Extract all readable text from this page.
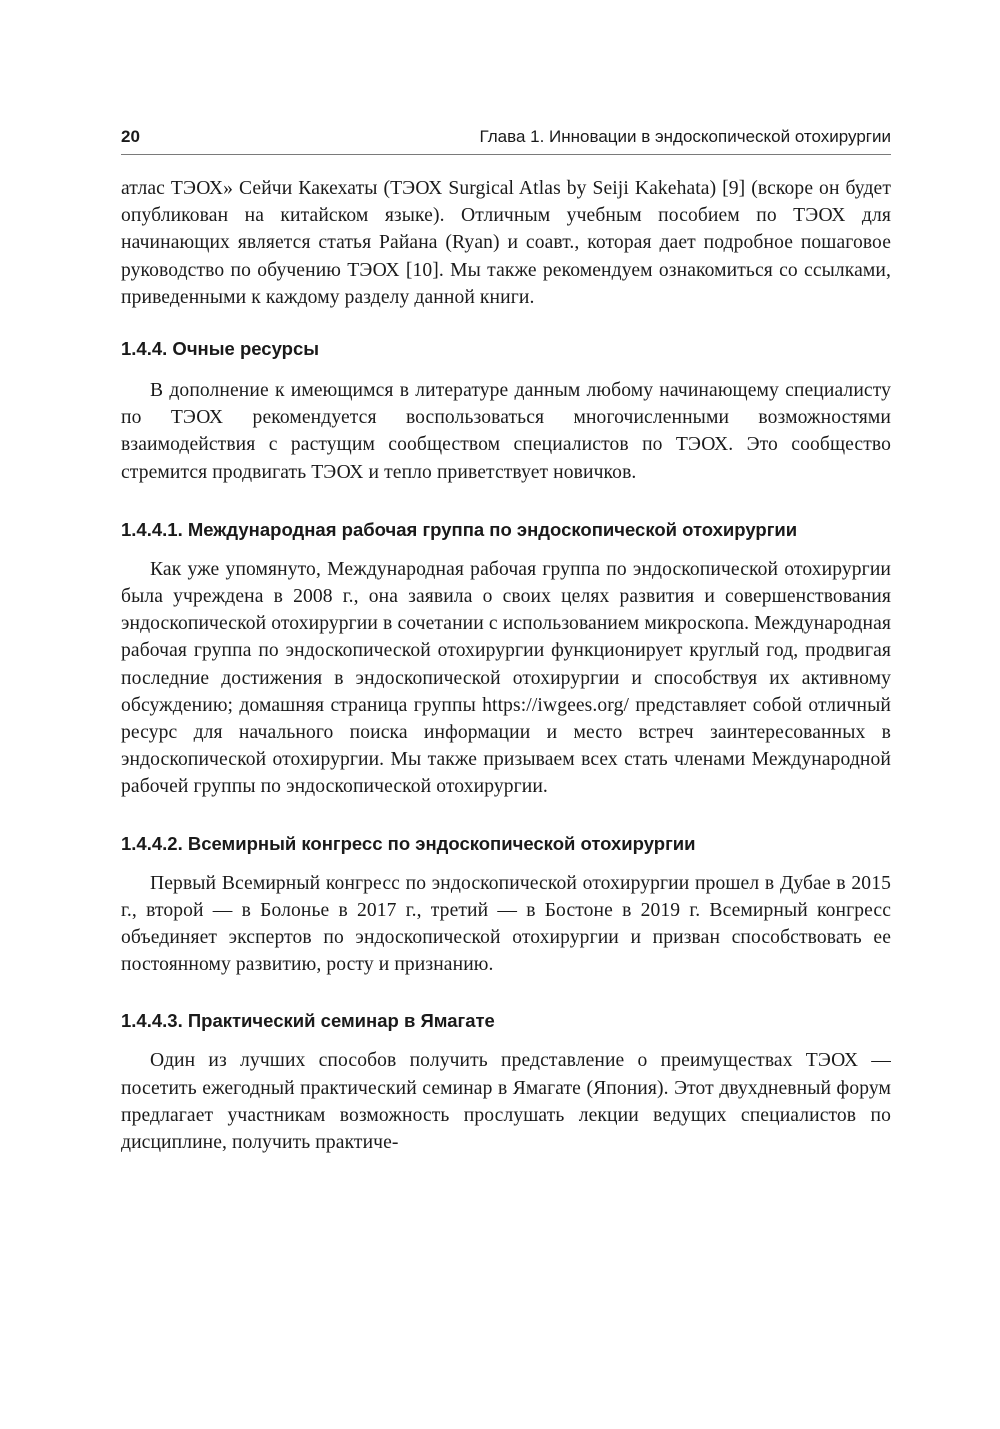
20	Глава 1. Инновации в эндоскопической отохирургии

атлас ТЭОХ» Сейчи Какехаты (ТЭОХ Surgical Atlas by Seiji Kakehata) [9] (вскоре он будет опубликован на китайском языке). Отличным учебным пособием по ТЭОХ для начинающих является статья Райана (Ryan) и соавт., которая дает подробное пошаговое руководство по обучению ТЭОХ [10]. Мы также рекомендуем ознакомиться со ссылками, приведенными к каждому разделу данной книги.

1.4.4. Очные ресурсы

В дополнение к имеющимся в литературе данным любому начинающему специалисту по ТЭОХ рекомендуется воспользоваться многочисленными возможностями взаимодействия с растущим сообществом специалистов по ТЭОХ. Это сообщество стремится продвигать ТЭОХ и тепло приветствует новичков.

1.4.4.1. Международная рабочая группа по эндоскопической отохирургии

Как уже упомянуто, Международная рабочая группа по эндоскопической отохирургии была учреждена в 2008 г., она заявила о своих целях развития и совершенствования эндоскопической отохирургии в сочетании с использованием микроскопа. Международная рабочая группа по эндоскопической отохирургии функционирует круглый год, продвигая последние достижения в эндоскопической отохирургии и способствуя их активному обсуждению; домашняя страница группы https://iwgees.org/ представляет собой отличный ресурс для начального поиска информации и место встреч заинтересованных в эндоскопической отохирургии. Мы также призываем всех стать членами Международной рабочей группы по эндоскопической отохирургии.

1.4.4.2. Всемирный конгресс по эндоскопической отохирургии

Первый Всемирный конгресс по эндоскопической отохирургии прошел в Дубае в 2015 г., второй — в Болонье в 2017 г., третий — в Бостоне в 2019 г. Всемирный конгресс объединяет экспертов по эндоскопической отохирургии и призван способствовать ее постоянному развитию, росту и признанию.

1.4.4.3. Практический семинар в Ямагате

Один из лучших способов получить представление о преимуществах ТЭОХ — посетить ежегодный практический семинар в Ямагате (Япония). Этот двухдневный форум предлагает участникам возможность прослушать лекции ведущих специалистов по дисциплине, получить практиче-
